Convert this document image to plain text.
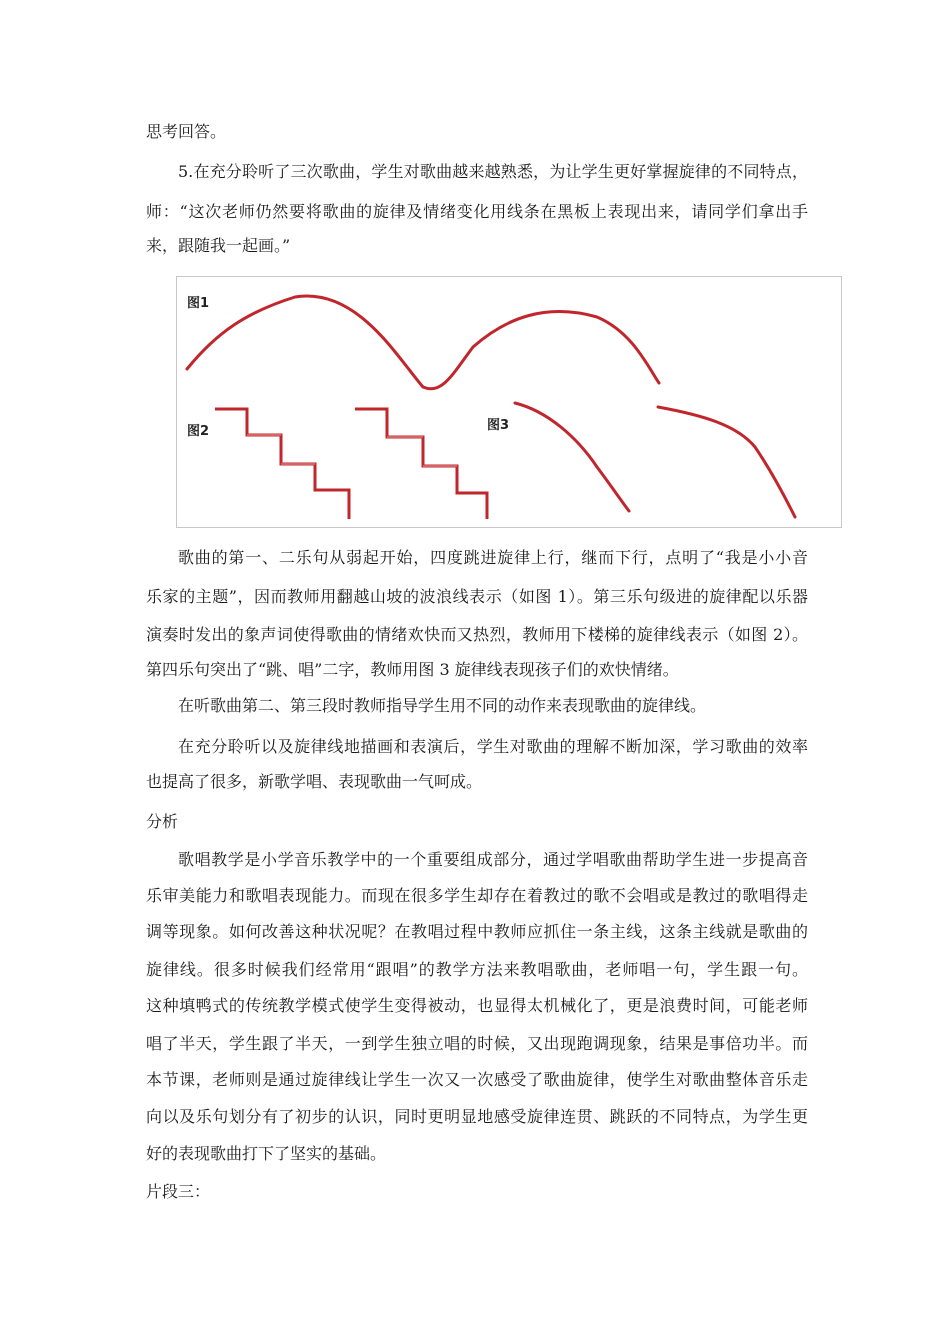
思考回答。
5.在充分聆听了三次歌曲，学生对歌曲越来越熟悉，为让学生更好掌握旋律的不同特点，
师：“这次老师仍然要将歌曲的旋律及情绪变化用线条在黑板上表现出来，请同学们拿出手
来，跟随我一起画。”
图1
图2	图3
歌曲的第一、二乐句从弱起开始，四度跳进旋律上行，继而下行，点明了“我是小小音
乐家的主题”，因而教师用翻越山坡的波浪线表示（如图 1）。第三乐句级进的旋律配以乐器
演奏时发出的象声词使得歌曲的情绪欢快而又热烈，教师用下楼梯的旋律线表示（如图 2）。
第四乐句突出了“跳、唱”二字，教师用图 3 旋律线表现孩子们的欢快情绪。
在听歌曲第二、第三段时教师指导学生用不同的动作来表现歌曲的旋律线。
在充分聆听以及旋律线地描画和表演后，学生对歌曲的理解不断加深，学习歌曲的效率
也提高了很多，新歌学唱、表现歌曲一气呵成。
分析
歌唱教学是小学音乐教学中的一个重要组成部分，通过学唱歌曲帮助学生进一步提高音
乐审美能力和歌唱表现能力。而现在很多学生却存在着教过的歌不会唱或是教过的歌唱得走
调等现象。如何改善这种状况呢？在教唱过程中教师应抓住一条主线，这条主线就是歌曲的
旋律线。很多时候我们经常用“跟唱”的教学方法来教唱歌曲，老师唱一句，学生跟一句。
这种填鸭式的传统教学模式使学生变得被动，也显得太机械化了，更是浪费时间，可能老师
唱了半天，学生跟了半天，一到学生独立唱的时候，又出现跑调现象，结果是事倍功半。而
本节课，老师则是通过旋律线让学生一次又一次感受了歌曲旋律，使学生对歌曲整体音乐走
向以及乐句划分有了初步的认识，同时更明显地感受旋律连贯、跳跃的不同特点，为学生更
好的表现歌曲打下了坚实的基础。
片段三：
